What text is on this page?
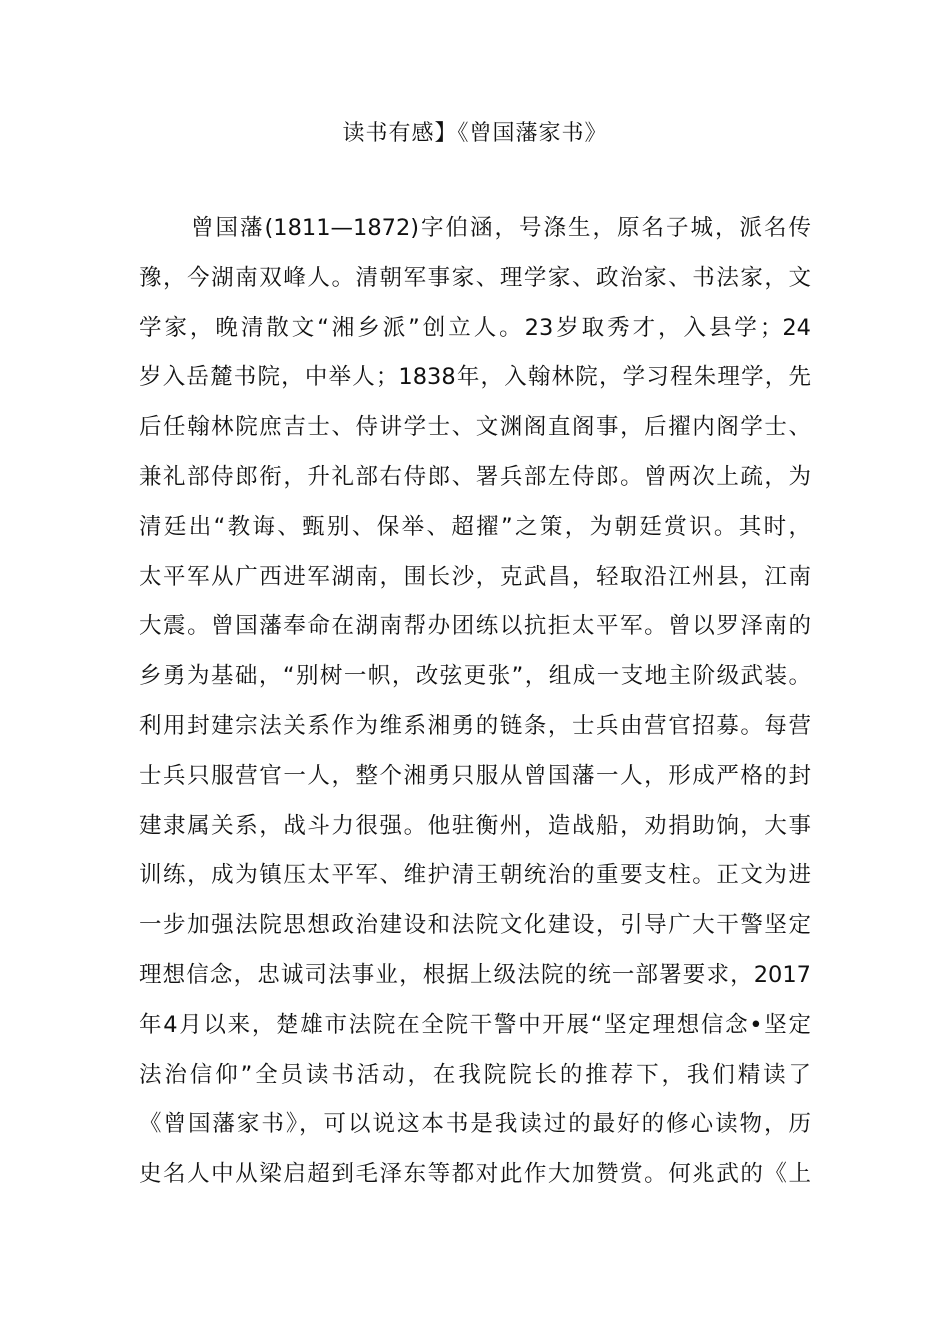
读书有感】《曾国藩家书》
曾国藩(1811—1872)字伯涵，号涤生，原名子城，派名传
豫，今湖南双峰人。清朝军事家、理学家、政治家、书法家，文
学家，晚清散文“湘乡派”创立人。23岁取秀才，入县学；24
岁入岳麓书院，中举人；1838年，入翰林院，学习程朱理学，先
后任翰林院庶吉士、侍讲学士、文渊阁直阁事，后擢内阁学士、
兼礼部侍郎衔，升礼部右侍郎、署兵部左侍郎。曾两次上疏，为
清廷出“教诲、甄别、保举、超擢”之策，为朝廷赏识。其时，
太平军从广西进军湖南，围长沙，克武昌，轻取沿江州县，江南
大震。曾国藩奉命在湖南帮办团练以抗拒太平军。曾以罗泽南的
乡勇为基础，“别树一帜，改弦更张”，组成一支地主阶级武装。
利用封建宗法关系作为维系湘勇的链条，士兵由营官招募。每营
士兵只服营官一人，整个湘勇只服从曾国藩一人，形成严格的封
建隶属关系，战斗力很强。他驻衡州，造战船，劝捐助饷，大事
训练，成为镇压太平军、维护清王朝统治的重要支柱。正文为进
一步加强法院思想政治建设和法院文化建设，引导广大干警坚定
理想信念，忠诚司法事业，根据上级法院的统一部署要求，2017
年4月以来，楚雄市法院在全院干警中开展“坚定理想信念•坚定
法治信仰”全员读书活动，在我院院长的推荐下，我们精读了
《曾国藩家书》，可以说这本书是我读过的最好的修心读物，历
史名人中从梁启超到毛泽东等都对此作大加赞赏。何兆武的《上
